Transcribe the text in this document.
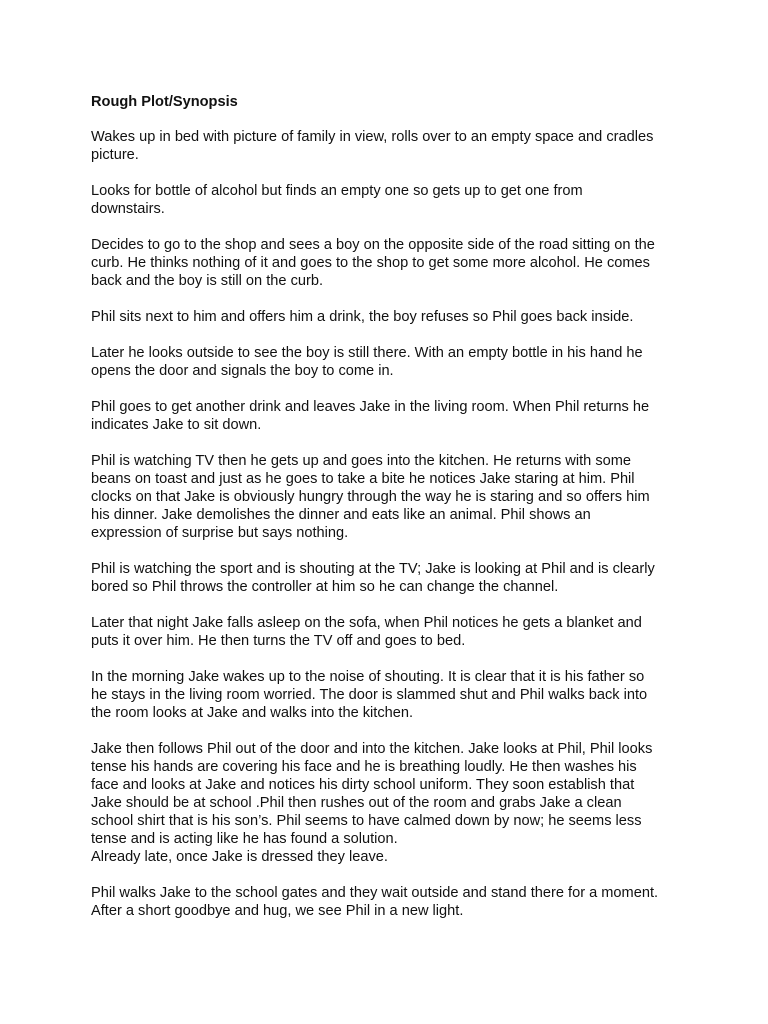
Rough Plot/Synopsis
Wakes up in bed with picture of family in view, rolls over to an empty space and cradles
picture.
Looks for bottle of alcohol but finds an empty one so gets up to get one from
downstairs.
Decides to go to the shop and sees a boy on the opposite side of the road sitting on the
curb. He thinks nothing of it and goes to the shop to get some more alcohol. He comes
back and the boy is still on the curb.
Phil sits next to him and offers him a drink, the boy refuses so Phil goes back inside.
Later he looks outside to see the boy is still there. With an empty bottle in his hand he
opens the door and signals the boy to come in.
Phil goes to get another drink and leaves Jake in the living room. When Phil returns he
indicates Jake to sit down.
Phil is watching TV then he gets up and goes into the kitchen. He returns with some
beans on toast and just as he goes to take a bite he notices Jake staring at him. Phil
clocks on that Jake is obviously hungry through the way he is staring and so offers him
his dinner. Jake demolishes the dinner and eats like an animal. Phil shows an
expression of surprise but says nothing.
Phil is watching the sport and is shouting at the TV; Jake is looking at Phil and is clearly
bored so Phil throws the controller at him so he can change the channel.
Later that night Jake falls asleep on the sofa, when Phil notices he gets a blanket and
puts it over him. He then turns the TV off and goes to bed.
In the morning Jake wakes up to the noise of shouting. It is clear that it is his father so
he stays in the living room worried. The door is slammed shut and Phil walks back into
the room looks at Jake and walks into the kitchen.
Jake then follows Phil out of the door and into the kitchen. Jake looks at Phil, Phil looks
tense his hands are covering his face and he is breathing loudly. He then washes his
face and looks at Jake and notices his dirty school uniform. They soon establish that
Jake should be at school .Phil then rushes out of the room and grabs Jake a clean
school shirt that is his son’s. Phil seems to have calmed down by now; he seems less
tense and is acting like he has found a solution.
Already late, once Jake is dressed they leave.
Phil walks Jake to the school gates and they wait outside and stand there for a moment.
After a short goodbye and hug, we see Phil in a new light.
